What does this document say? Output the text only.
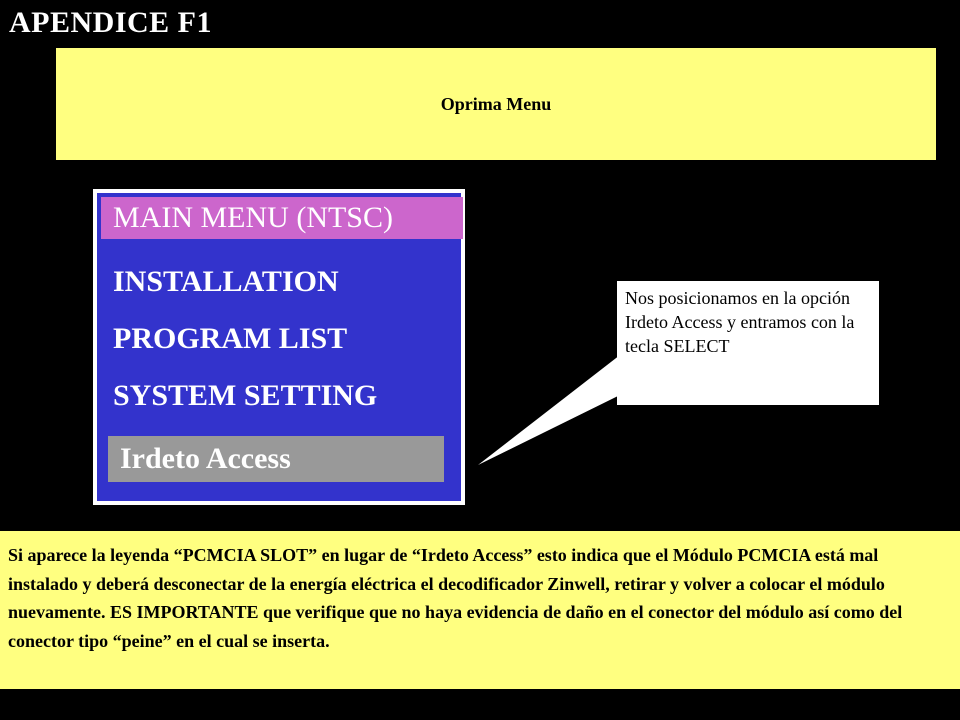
APENDICE F1
Oprima Menu
MAIN MENU (NTSC)
INSTALLATION
PROGRAM LIST
SYSTEM SETTING
Irdeto Access
Nos posicionamos en la opción Irdeto Access y entramos con la tecla SELECT
Si aparece la leyenda “PCMCIA SLOT” en lugar de “Irdeto Access” esto indica que el Módulo PCMCIA está mal instalado y deberá desconectar de la energía eléctrica el decodificador Zinwell, retirar y volver a colocar el módulo nuevamente. ES IMPORTANTE que verifique que no haya evidencia de daño en el conector del módulo así como del conector tipo “peine” en el cual se inserta.
